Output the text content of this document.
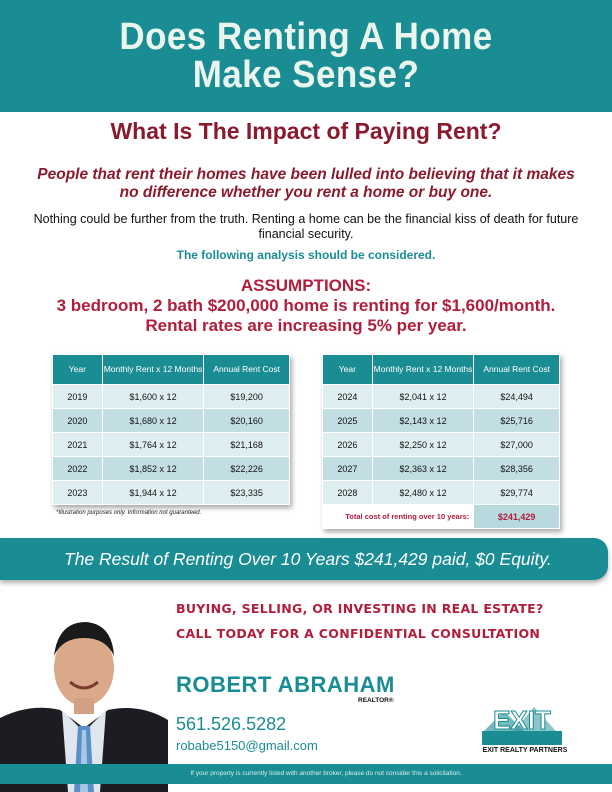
Does Renting A Home
Make Sense?
What Is The Impact of Paying Rent?
People that rent their homes have been lulled into believing that it makes no difference whether you rent a home or buy one.
Nothing could be further from the truth. Renting a home can be the financial kiss of death for future financial security.
The following analysis should be considered.
ASSUMPTIONS:
3 bedroom, 2 bath $200,000 home is renting for $1,600/month.
Rental rates are increasing 5% per year.
Year	Monthly Rent x 12 Months	Annual Rent Cost
2019	$1,600 x 12	$19,200
2020	$1,680 x 12	$20,160
2021	$1,764 x 12	$21,168
2022	$1,852 x 12	$22,226
2023	$1,944 x 12	$23,335
Year	Monthly Rent x 12 Months	Annual Rent Cost
2024	$2,041 x 12	$24,494
2025	$2,143 x 12	$25,716
2026	$2,250 x 12	$27,000
2027	$2,363 x 12	$28,356
2028	$2,480 x 12	$29,774
Total cost of renting over 10 years:		$241,429
*Illustration purposes only. Information not guaranteed.
The Result of Renting Over 10 Years $241,429 paid, $0 Equity.
BUYING, SELLING, OR INVESTING IN REAL ESTATE?
CALL TODAY FOR A CONFIDENTIAL CONSULTATION
ROBERT ABRAHAM
REALTOR®
561.526.5282
robabe5150@gmail.com
EXIT
EXIT REALTY PARTNERS
If your property is currently listed with another broker, please do not consider this a solicitation.
